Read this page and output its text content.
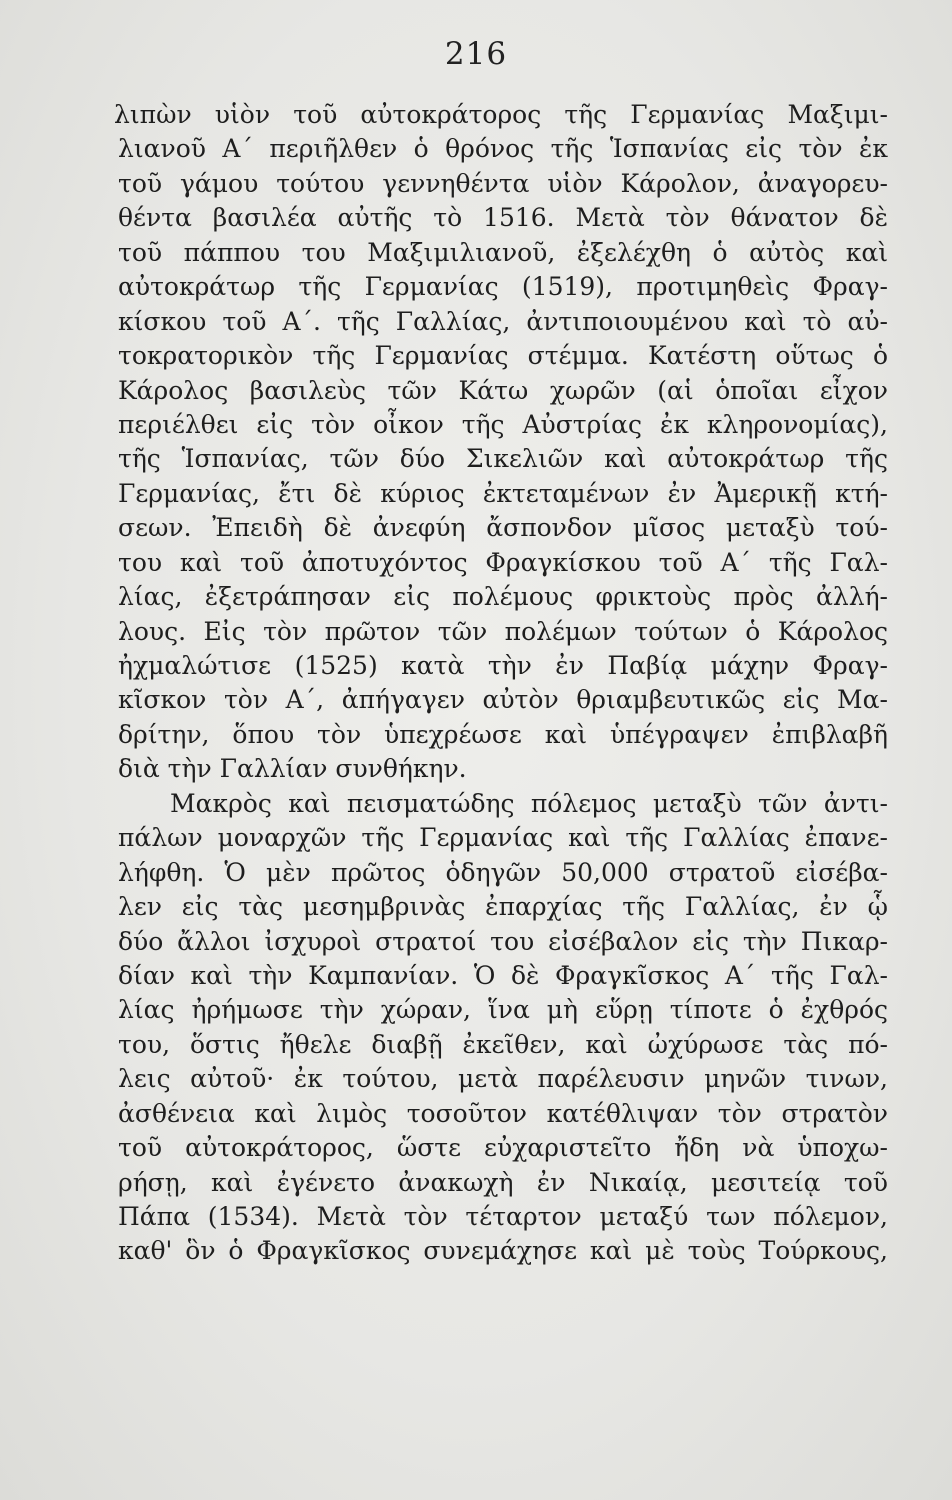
216
λιπὼν υἱὸν τοῦ αὐτοκράτορος τῆς Γερμανίας Μαξιμι-
λιανοῦ Α΄ περιῆλθεν ὁ θρόνος τῆς Ἱσπανίας εἰς τὸν ἐκ
τοῦ γάμου τούτου γεννηθέντα υἱὸν Κάρολον, ἀναγορευ-
θέντα βασιλέα αὐτῆς τὸ 1516. Μετὰ τὸν θάνατον δὲ
τοῦ πάππου του Μαξιμιλιανοῦ, ἐξελέχθη ὁ αὐτὸς καὶ
αὐτοκράτωρ τῆς Γερμανίας (1519), προτιμηθεὶς Φραγ-
κίσκου τοῦ Α΄. τῆς Γαλλίας, ἀντιποιουμένου καὶ τὸ αὐ-
τοκρατορικὸν τῆς Γερμανίας στέμμα. Κατέστη οὕτως ὁ
Κάρολος βασιλεὺς τῶν Κάτω χωρῶν (αἱ ὁποῖαι εἶχον
περιέλθει εἰς τὸν οἶκον τῆς Αὐστρίας ἐκ κληρονομίας),
τῆς Ἱσπανίας, τῶν δύο Σικελιῶν καὶ αὐτοκράτωρ τῆς
Γερμανίας, ἔτι δὲ κύριος ἐκτεταμένων ἐν Ἀμερικῇ κτή-
σεων. Ἐπειδὴ δὲ ἀνεφύη ἄσπονδον μῖσος μεταξὺ τού-
του καὶ τοῦ ἀποτυχόντος Φραγκίσκου τοῦ Α΄ τῆς Γαλ-
λίας, ἐξετράπησαν εἰς πολέμους φρικτοὺς πρὸς ἀλλή-
λους. Εἰς τὸν πρῶτον τῶν πολέμων τούτων ὁ Κάρολος
ἠχμαλώτισε (1525) κατὰ τὴν ἐν Παβίᾳ μάχην Φραγ-
κῖσκον τὸν Α΄, ἀπήγαγεν αὐτὸν θριαμβευτικῶς εἰς Μα-
δρίτην, ὅπου τὸν ὑπεχρέωσε καὶ ὑπέγραψεν ἐπιβλαβῆ
διὰ τὴν Γαλλίαν συνθήκην.
Μακρὸς καὶ πεισματώδης πόλεμος μεταξὺ τῶν ἀντι-
πάλων μοναρχῶν τῆς Γερμανίας καὶ τῆς Γαλλίας ἐπανε-
λήφθη. Ὁ μὲν πρῶτος ὁδηγῶν 50,000 στρατοῦ εἰσέβα-
λεν εἰς τὰς μεσημβρινὰς ἐπαρχίας τῆς Γαλλίας, ἐν ᾧ
δύο ἄλλοι ἰσχυροὶ στρατοί του εἰσέβαλον εἰς τὴν Πικαρ-
δίαν καὶ τὴν Καμπανίαν. Ὁ δὲ Φραγκῖσκος Α΄ τῆς Γαλ-
λίας ἠρήμωσε τὴν χώραν, ἵνα μὴ εὕρῃ τίποτε ὁ ἐχθρός
του, ὅστις ἤθελε διαβῇ ἐκεῖθεν, καὶ ὠχύρωσε τὰς πό-
λεις αὐτοῦ· ἐκ τούτου, μετὰ παρέλευσιν μηνῶν τινων,
ἀσθένεια καὶ λιμὸς τοσοῦτον κατέθλιψαν τὸν στρατὸν
τοῦ αὐτοκράτορος, ὥστε εὐχαριστεῖτο ἤδη νὰ ὑποχω-
ρήσῃ, καὶ ἐγένετο ἀνακωχὴ ἐν Νικαίᾳ, μεσιτείᾳ τοῦ
Πάπα (1534). Μετὰ τὸν τέταρτον μεταξύ των πόλεμον,
καθ' ὃν ὁ Φραγκῖσκος συνεμάχησε καὶ μὲ τοὺς Τούρκους,
